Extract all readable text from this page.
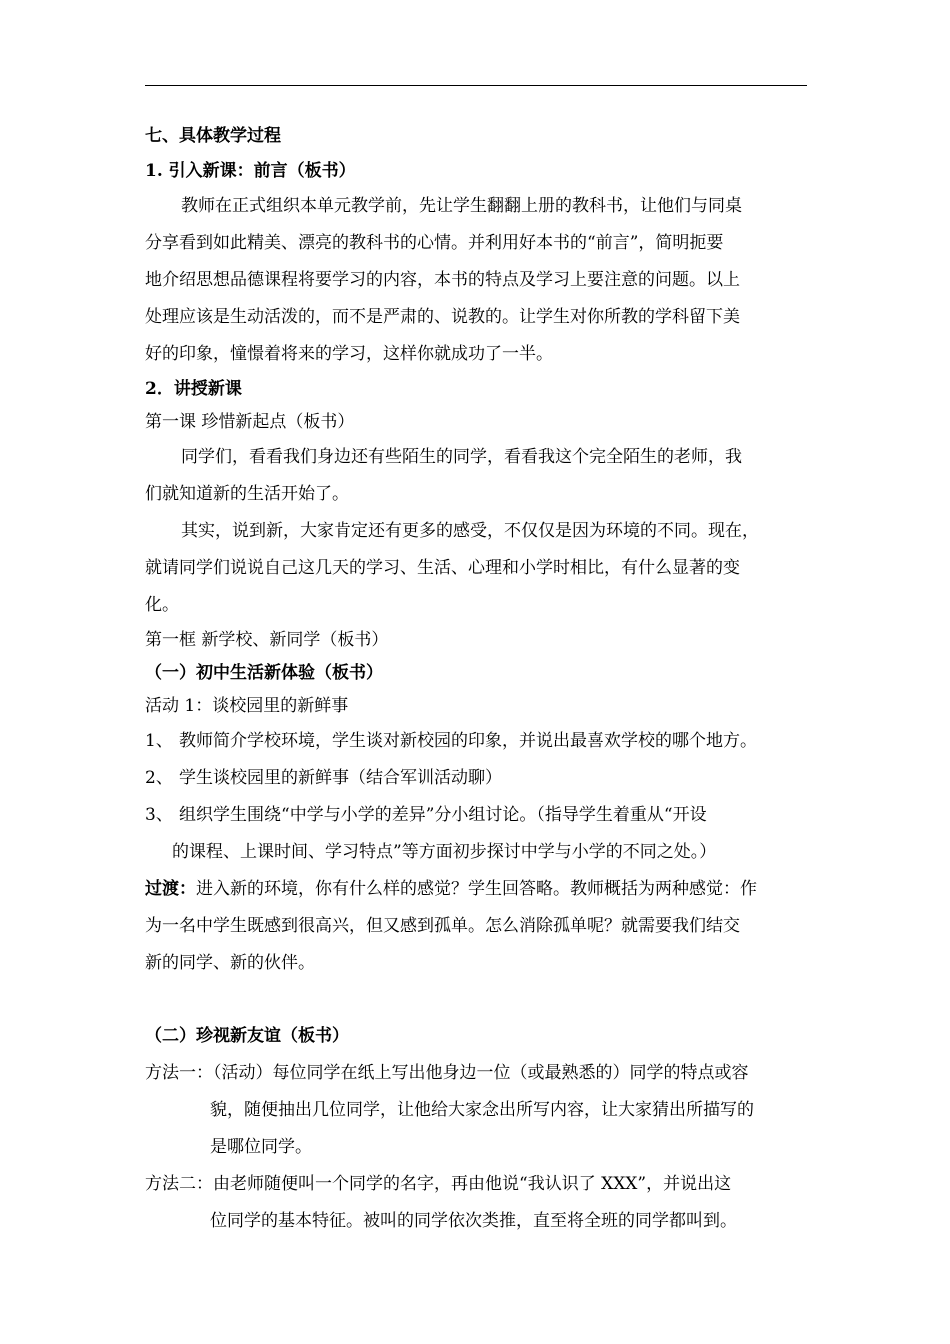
七、具体教学过程
1. 引入新课：前言（板书）
教师在正式组织本单元教学前，先让学生翻翻上册的教科书，让他们与同桌
分享看到如此精美、漂亮的教科书的心情。并利用好本书的“前言”，简明扼要
地介绍思想品德课程将要学习的内容，本书的特点及学习上要注意的问题。以上
处理应该是生动活泼的，而不是严肃的、说教的。让学生对你所教的学科留下美
好的印象，憧憬着将来的学习，这样你就成功了一半。
2．讲授新课
第一课 珍惜新起点（板书）
同学们，看看我们身边还有些陌生的同学，看看我这个完全陌生的老师，我
们就知道新的生活开始了。
其实，说到新，大家肯定还有更多的感受，不仅仅是因为环境的不同。现在，
就请同学们说说自己这几天的学习、生活、心理和小学时相比，有什么显著的变
化。
第一框 新学校、新同学（板书）
（一）初中生活新体验（板书）
活动 1：谈校园里的新鲜事
1、 教师简介学校环境，学生谈对新校园的印象，并说出最喜欢学校的哪个地方。
2、 学生谈校园里的新鲜事（结合军训活动聊）
3、 组织学生围绕“中学与小学的差异”分小组讨论。（指导学生着重从“开设
的课程、上课时间、学习特点”等方面初步探讨中学与小学的不同之处。）
过渡：进入新的环境，你有什么样的感觉？学生回答略。教师概括为两种感觉：作
为一名中学生既感到很高兴，但又感到孤单。怎么消除孤单呢？就需要我们结交
新的同学、新的伙伴。
（二）珍视新友谊（板书）
方法一：（活动）每位同学在纸上写出他身边一位（或最熟悉的）同学的特点或容
貌，随便抽出几位同学，让他给大家念出所写内容，让大家猜出所描写的
是哪位同学。
方法二：由老师随便叫一个同学的名字，再由他说“我认识了 XXX”，并说出这
位同学的基本特征。被叫的同学依次类推，直至将全班的同学都叫到。
